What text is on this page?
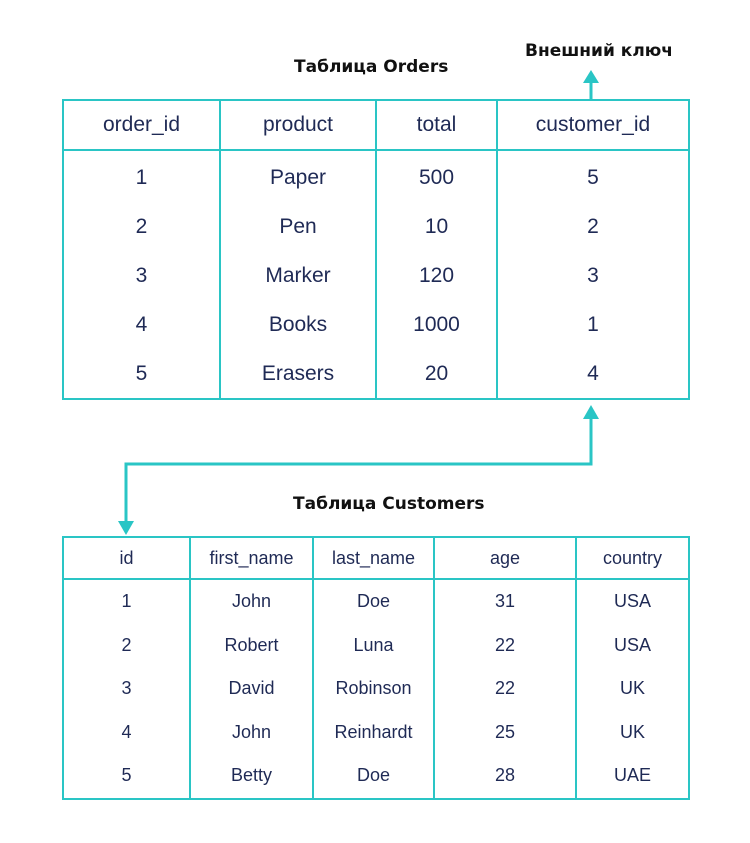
Таблица Orders
Внешний ключ
order_id	product	total	customer_id
1	Paper	500	5
2	Pen	10	2
3	Marker	120	3
4	Books	1000	1
5	Erasers	20	4
Таблица Customers
id	first_name	last_name	age	country
1	John	Doe	31	USA
2	Robert	Luna	22	USA
3	David	Robinson	22	UK
4	John	Reinhardt	25	UK
5	Betty	Doe	28	UAE
